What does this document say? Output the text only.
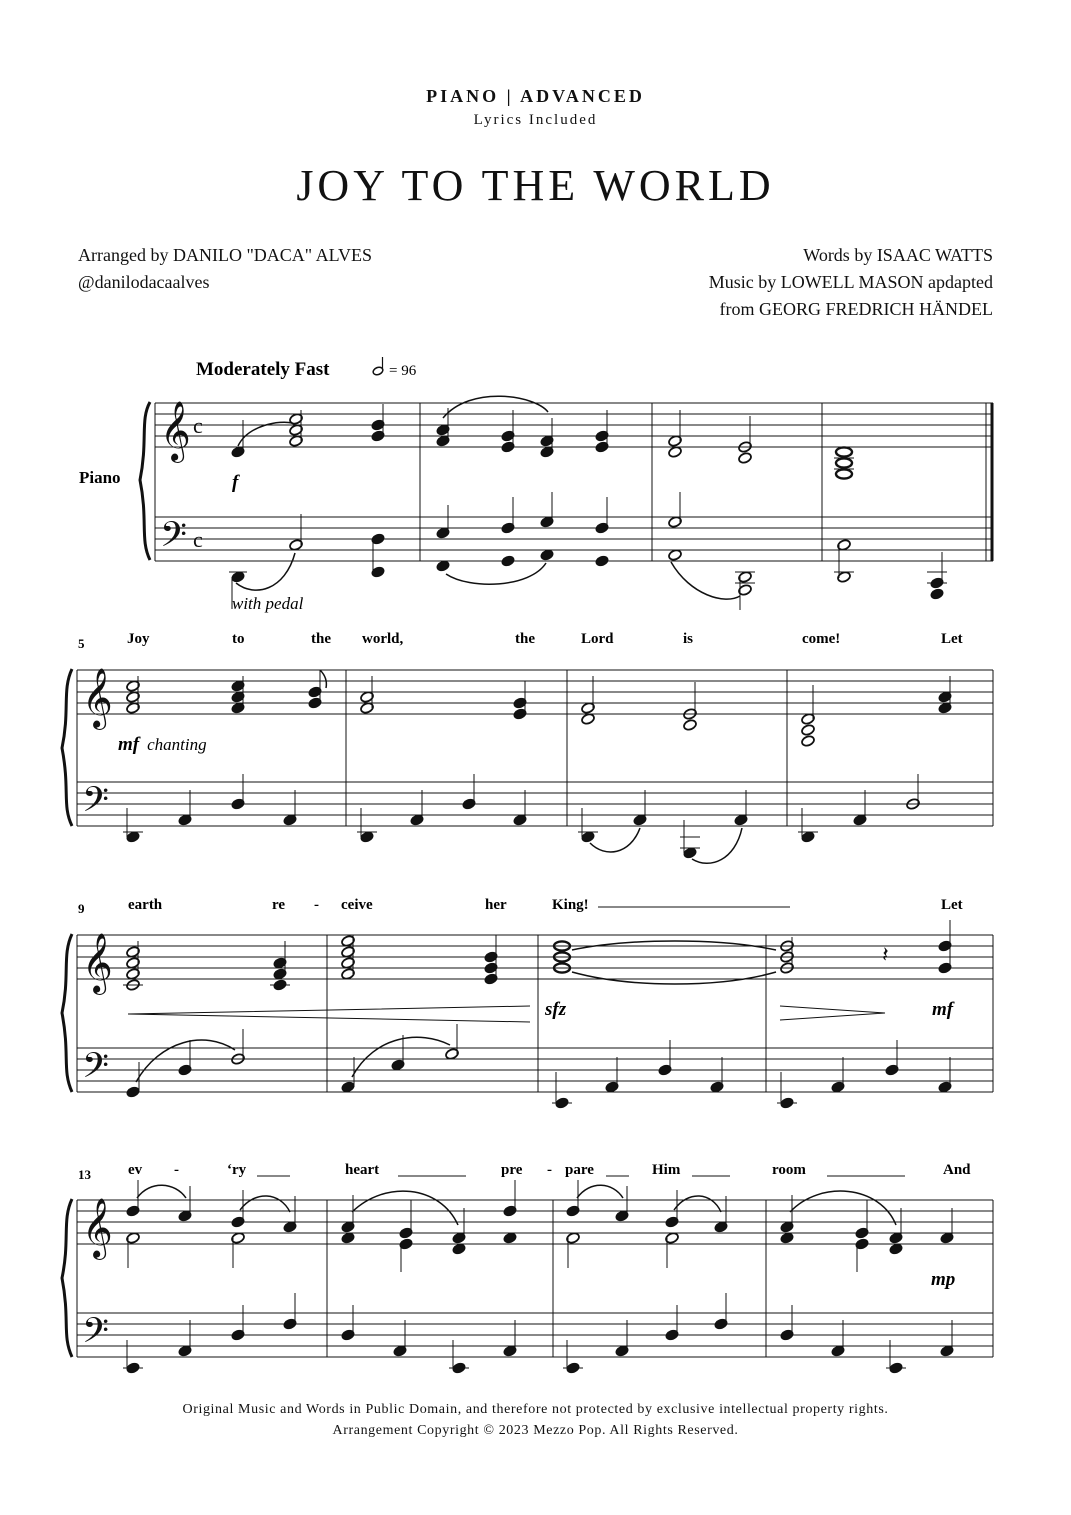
PIANO | ADVANCED
Lyrics Included
JOY TO THE WORLD
Arranged by DANILO "DACA" ALVES
@danilodacaalves
Words by ISAAC WATTS
Music by LOWELL MASON apdapted
from GEORG FREDRICH HÄNDEL
Moderately Fast	= 96
Piano
𝄞
𝄢
c
c
f
with pedal
5	Joy	to	the world,	the	Lord	is	come!	Let
𝄞
𝄢
mf chanting
9	earth	re - ceive	her	King!	Let
𝄞
𝄢
𝄽
sfz	mf
13 ev -	‘ry	heart	pre - pare	Him	room	And
𝄞
𝄢
mp
Original Music and Words in Public Domain, and therefore not protected by exclusive intellectual property rights.
Arrangement Copyright © 2023 Mezzo Pop. All Rights Reserved.
